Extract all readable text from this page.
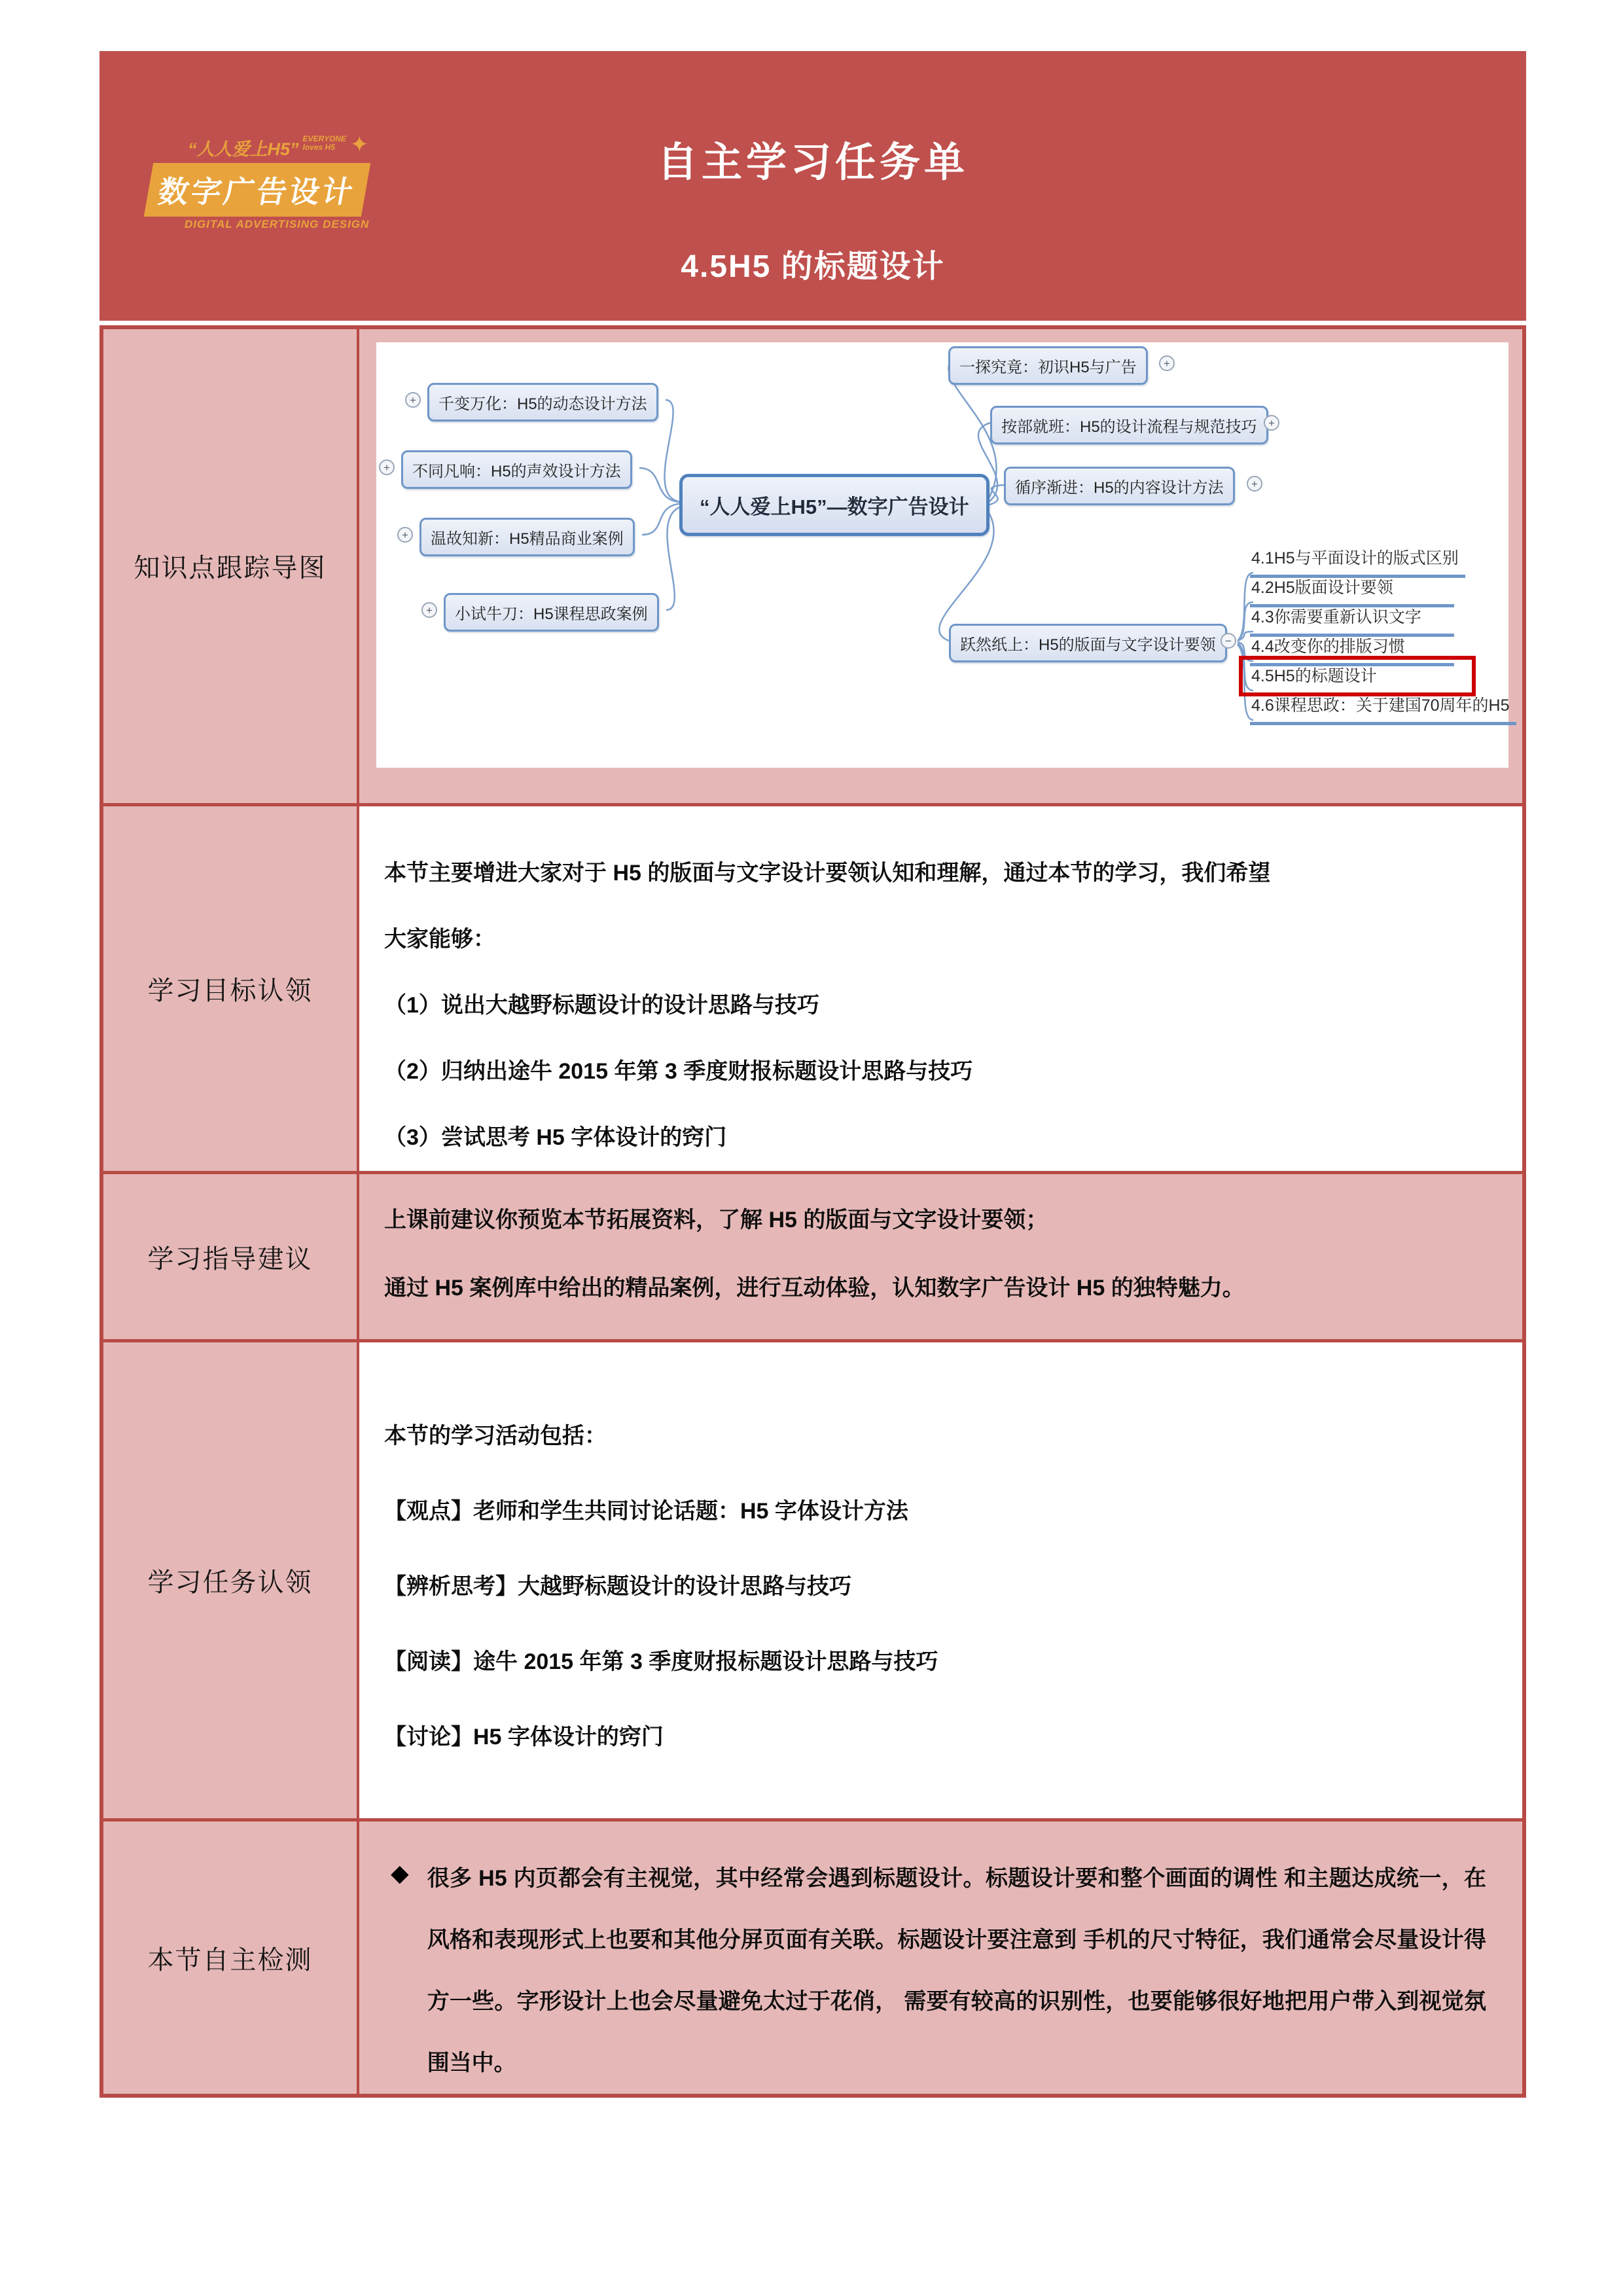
“人人爱上H5”
EVERYONE
loves H5 ✦
数字广告设计
DIGITAL ADVERTISING DESIGN
自主学习任务单
4.5H5 的标题设计
知识点跟踪导图
“人人爱上H5”—数字广告设计
千变万化：H5的动态设计方法
不同凡响：H5的声效设计方法
温故知新：H5精品商业案例
小试牛刀：H5课程思政案例
+
+
+
+
一探究竟：初识H5与广告
按部就班：H5的设计流程与规范技巧
循序渐进：H5的内容设计方法
跃然纸上：H5的版面与文字设计要领
+
+
+
−
4.1H5与平面设计的版式区别
4.2H5版面设计要领
4.3你需要重新认识文字
4.4改变你的排版习惯
4.5H5的标题设计
4.6课程思政：关于建国70周年的H5
学习目标认领
本节主要增进大家对于 H5 的版面与文字设计要领认知和理解，通过本节的学习，我们希望
大家能够：
（1）说出大越野标题设计的设计思路与技巧
（2）归纳出途牛 2015 年第 3 季度财报标题设计思路与技巧
（3）尝试思考 H5 字体设计的窍门
学习指导建议
上课前建议你预览本节拓展资料，了解 H5 的版面与文字设计要领；
通过 H5 案例库中给出的精品案例，进行互动体验，认知数字广告设计 H5 的独特魅力。
学习任务认领
本节的学习活动包括：
【观点】老师和学生共同讨论话题：H5 字体设计方法
【辨析思考】大越野标题设计的设计思路与技巧
【阅读】途牛 2015 年第 3 季度财报标题设计思路与技巧
【讨论】H5 字体设计的窍门
本节自主检测
◆ 很多 H5 内页都会有主视觉，其中经常会遇到标题设计。标题设计要和整个画面的调性 和主题达成统一，在风格和表现形式上也要和其他分屏页面有关联。标题设计要注意到 手机的尺寸特征，我们通常会尽量设计得方一些。字形设计上也会尽量避免太过于花俏， 需要有较高的识别性，也要能够很好地把用户带入到视觉氛围当中。
